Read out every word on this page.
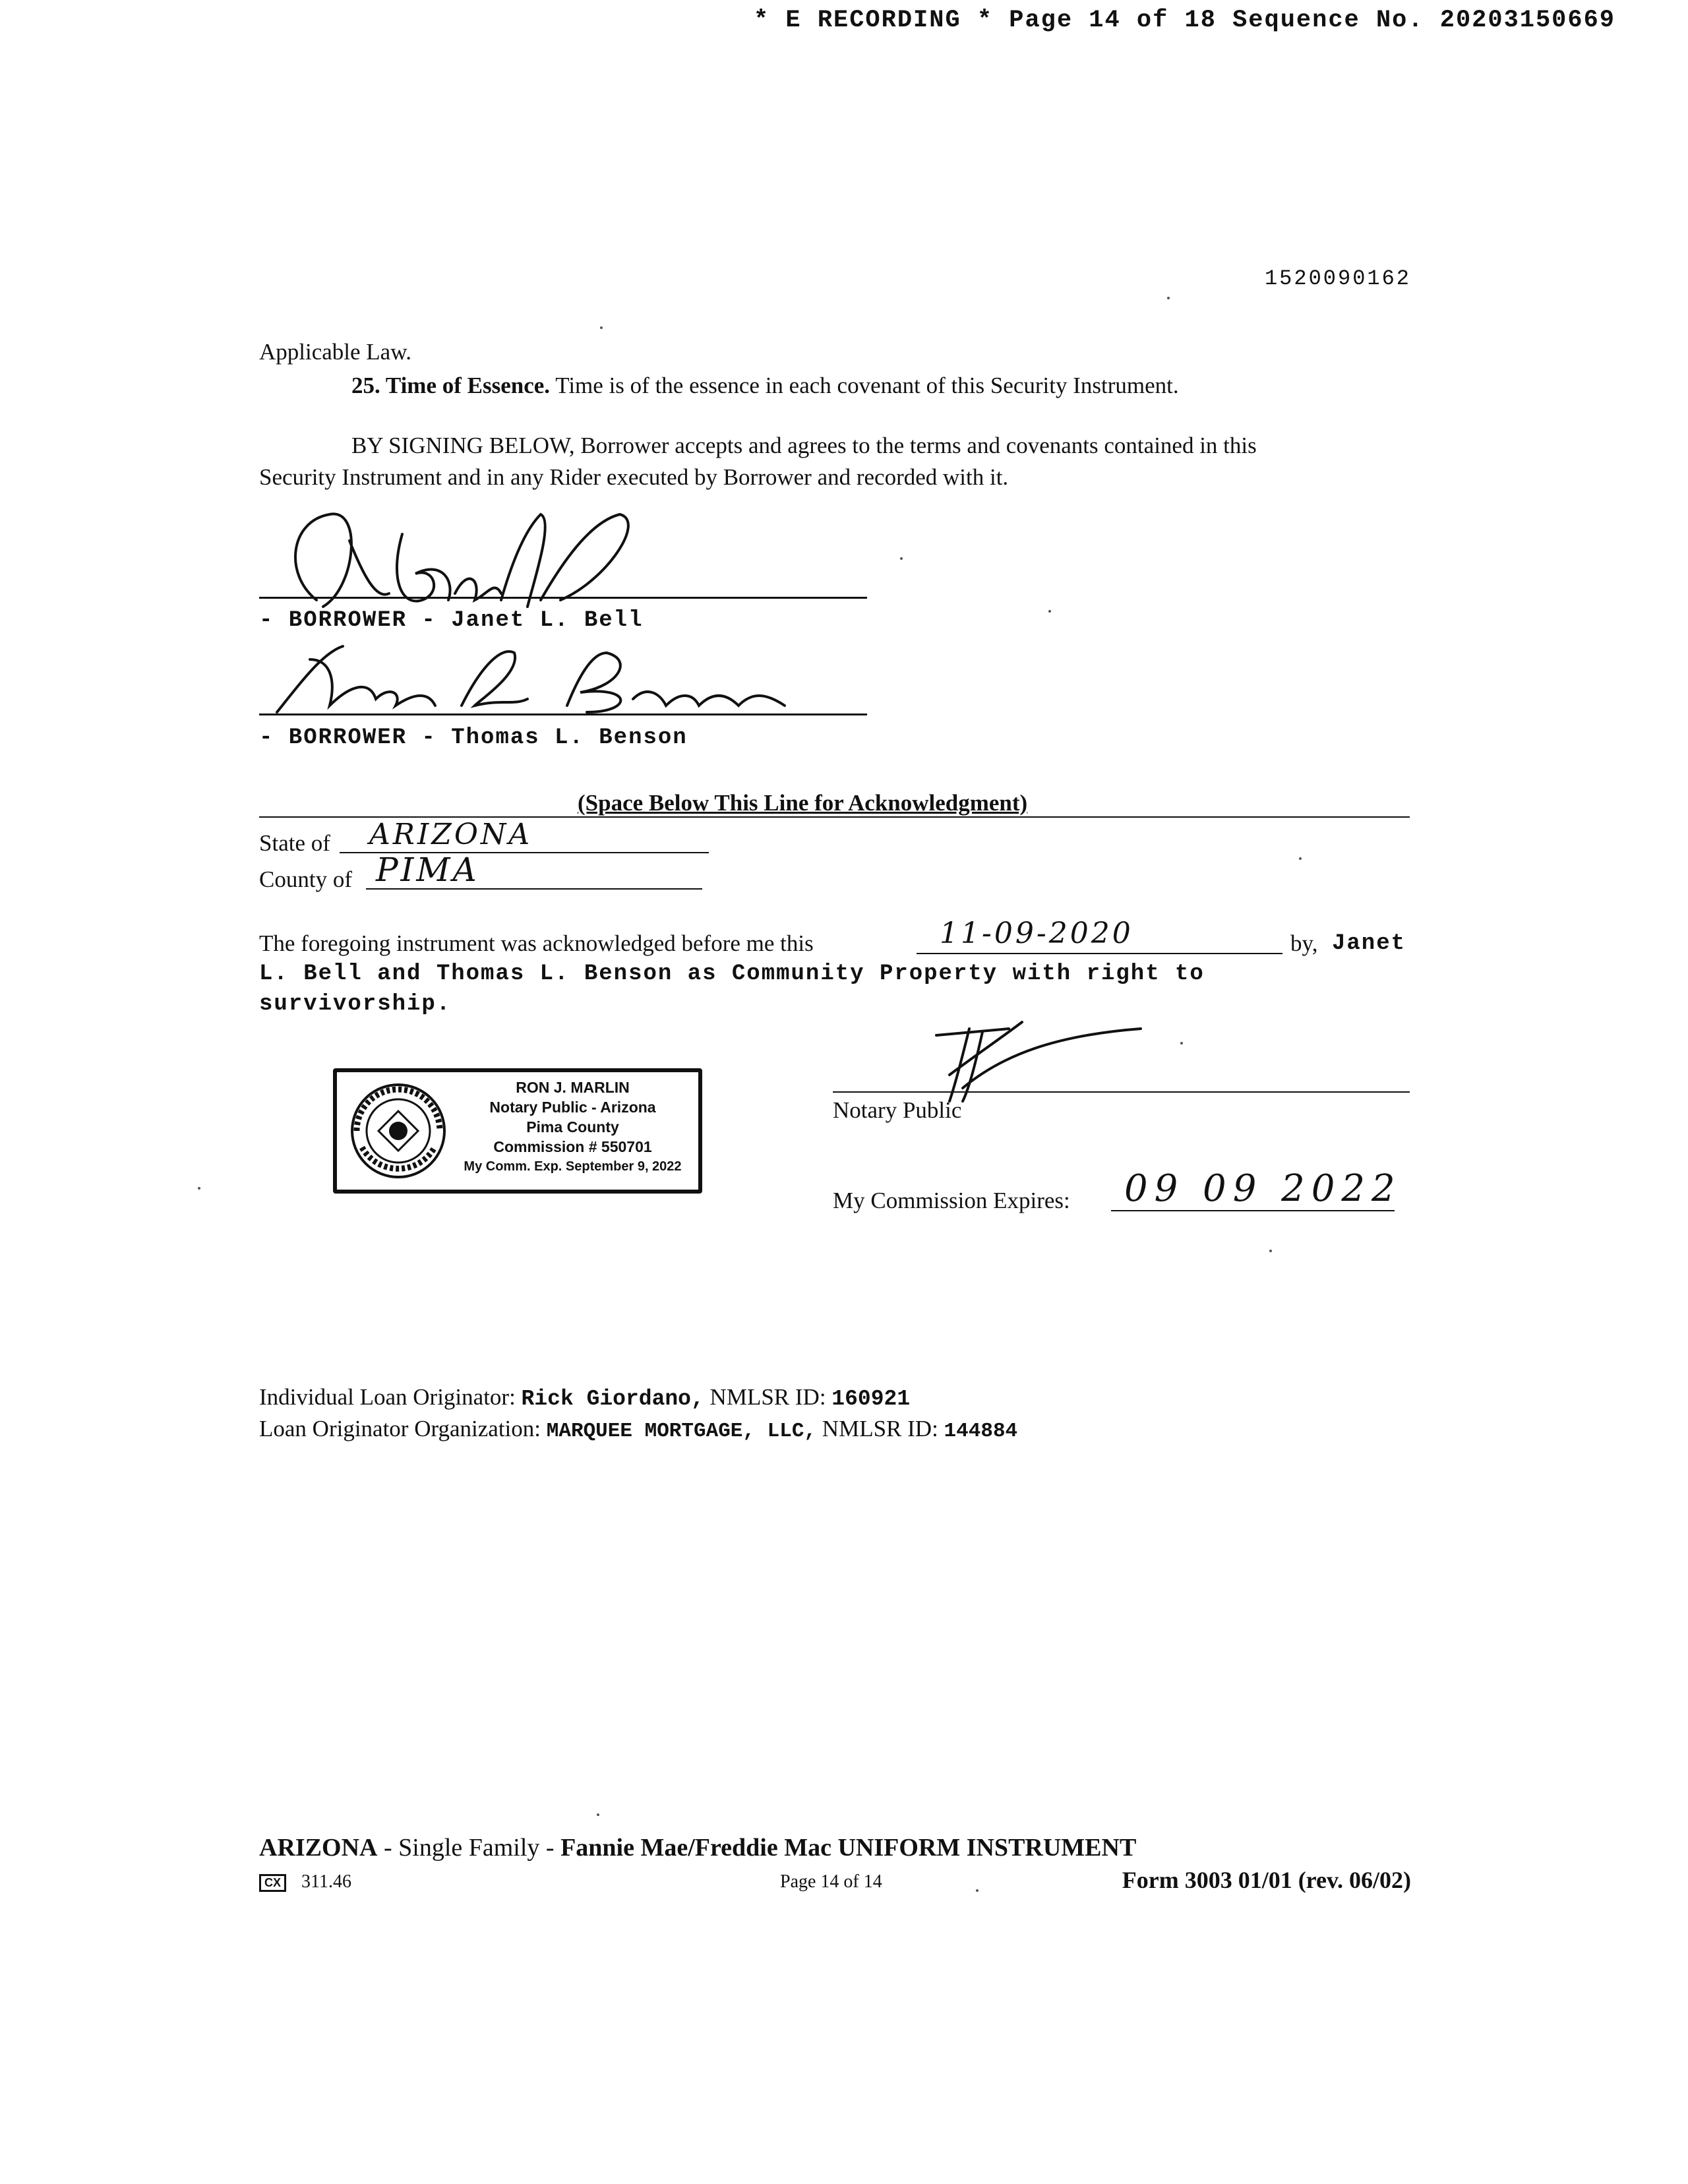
* E RECORDING * Page 14 of 18 Sequence No. 20203150669
1520090162
Applicable Law.
25. Time of Essence. Time is of the essence in each covenant of this Security Instrument.
BY SIGNING BELOW, Borrower accepts and agrees to the terms and covenants contained in this
Security Instrument and in any Rider executed by Borrower and recorded with it.
- BORROWER - Janet L. Bell
- BORROWER - Thomas L. Benson
(Space Below This Line for Acknowledgment)
State of ARIZONA
County of PIMA
The foregoing instrument was acknowledged before me this	11-09-2020	by, Janet
L. Bell and Thomas L. Benson as Community Property with right to
survivorship.
RON J. MARLIN
Notary Public - Arizona
Pima County
Commission # 550701
My Comm. Exp. September 9, 2022
Notary Public
My Commission Expires: 09 09 2022
Individual Loan Originator: Rick Giordano, NMLSR ID: 160921
Loan Originator Organization: MARQUEE MORTGAGE, LLC, NMLSR ID: 144884
ARIZONA - Single Family - Fannie Mae/Freddie Mac UNIFORM INSTRUMENT
CX 311.46	Page 14 of 14	Form 3003 01/01 (rev. 06/02)
